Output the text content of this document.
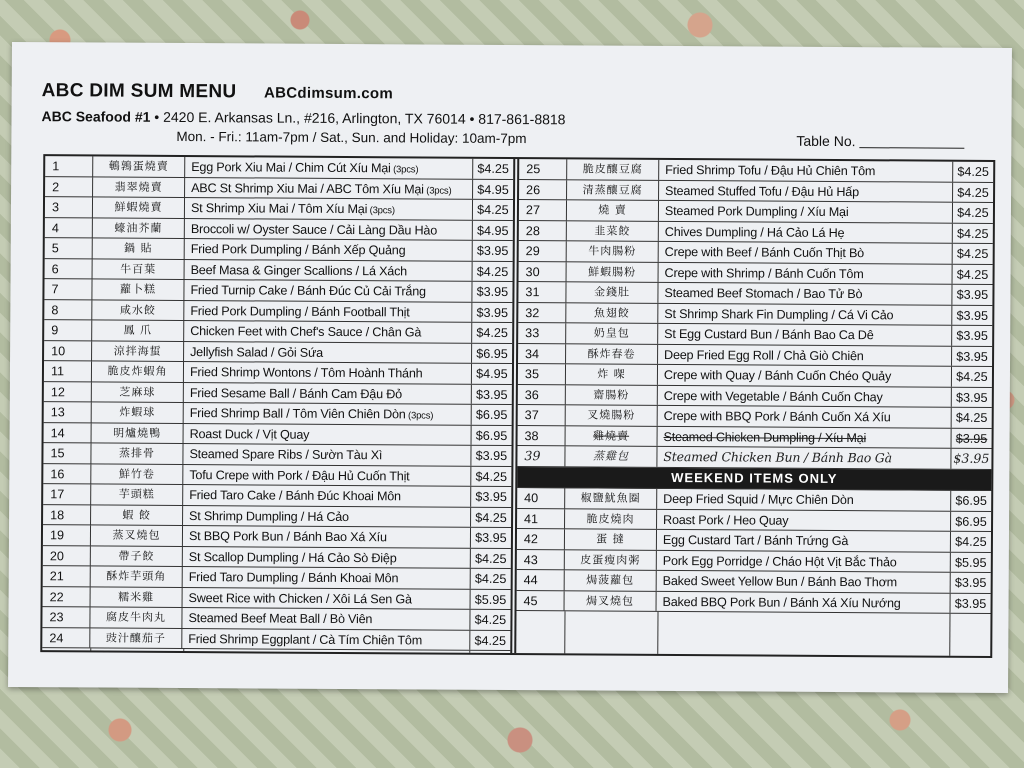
ABC DIM SUM MENU ABCdimsum.com
ABC Seafood #1 • 2420 E. Arkansas Ln., #216, Arlington, TX 76014 • 817-861-8818
Mon. - Fri.: 11am-7pm / Sat., Sun. and Holiday: 10am-7pm	Table No.
1	鵪鶉蛋燒賣	Egg Pork Xiu Mai / Chim Cút Xíu Mại (3pcs)	$4.25
2	翡翠燒賣	ABC St Shrimp Xiu Mai / ABC Tôm Xíu Mại (3pcs)	$4.95
3	鮮蝦燒賣	St Shrimp Xiu Mai / Tôm Xíu Mại (3pcs)	$4.25
4	蠔油芥蘭	Broccoli w/ Oyster Sauce / Cải Làng Dầu Hào	$4.95
5	鍋 貼	Fried Pork Dumpling / Bánh Xếp Quảng	$3.95
6	牛百葉	Beef Masa & Ginger Scallions / Lá Xách	$4.25
7	蘿卜糕	Fried Turnip Cake / Bánh Đúc Củ Cải Trắng	$3.95
8	咸水餃	Fried Pork Dumpling / Bánh Football Thịt	$3.95
9	鳳 爪	Chicken Feet with Chef's Sauce / Chân Gà	$4.25
10	涼拌海蜇	Jellyfish Salad / Gỏi Sứa	$6.95
11	脆皮炸蝦角	Fried Shrimp Wontons / Tôm Hoành Thánh	$4.95
12	芝麻球	Fried Sesame Ball / Bánh Cam Đậu Đỏ	$3.95
13	炸蝦球	Fried Shrimp Ball / Tôm Viên Chiên Dòn (3pcs)	$6.95
14	明爐燒鴨	Roast Duck / Vịt Quay	$6.95
15	蒸排骨	Steamed Spare Ribs / Sườn Tàu Xì	$3.95
16	鮮竹卷	Tofu Crepe with Pork / Đậu Hủ Cuốn Thịt	$4.25
17	芋頭糕	Fried Taro Cake / Bánh Đúc Khoai Môn	$3.95
18	蝦 餃	St Shrimp Dumpling / Há Cảo	$4.25
19	蒸叉燒包	St BBQ Pork Bun / Bánh Bao Xá Xíu	$3.95
20	帶子餃	St Scallop Dumpling / Há Cảo Sò Điệp	$4.25
21	酥炸芋頭角	Fried Taro Dumpling / Bánh Khoai Môn	$4.25
22	糯米雞	Sweet Rice with Chicken / Xôi Lá Sen Gà	$5.95
23	腐皮牛肉丸	Steamed Beef Meat Ball / Bò Viên	$4.25
24	豉汁釀茄子	Fried Shrimp Eggplant / Cà Tím Chiên Tôm	$4.25
25	脆皮釀豆腐	Fried Shrimp Tofu / Đậu Hủ Chiên Tôm	$4.25
26	清蒸釀豆腐	Steamed Stuffed Tofu / Đậu Hủ Hấp	$4.25
27	燒 賣	Steamed Pork Dumpling / Xíu Mại	$4.25
28	韭菜餃	Chives Dumpling / Há Cảo Lá Hẹ	$4.25
29	牛肉腸粉	Crepe with Beef / Bánh Cuốn Thịt Bò	$4.25
30	鮮蝦腸粉	Crepe with Shrimp / Bánh Cuốn Tôm	$4.25
31	金錢肚	Steamed Beef Stomach / Bao Tử Bò	$3.95
32	魚翅餃	St Shrimp Shark Fin Dumpling / Cá Vi Cảo	$3.95
33	奶皇包	St Egg Custard Bun / Bánh Bao Ca Dê	$3.95
34	酥炸春卷	Deep Fried Egg Roll / Chả Giò Chiên	$3.95
35	炸 㗎	Crepe with Quay / Bánh Cuốn Chéo Quảy	$4.25
36	齋腸粉	Crepe with Vegetable / Bánh Cuốn Chay	$3.95
37	叉燒腸粉	Crepe with BBQ Pork / Bánh Cuốn Xá Xíu	$4.25
38	雞燒賣	Steamed Chicken Dumpling / Xíu Mại	$3.95
39	蒸雞包	Steamed Chicken Bun / Bánh Bao Gà	$3.95
WEEKEND ITEMS ONLY
40	椒鹽魷魚圈	Deep Fried Squid / Mực Chiên Dòn	$6.95
41	脆皮燒肉	Roast Pork / Heo Quay	$6.95
42	蛋 撻	Egg Custard Tart / Bánh Trứng Gà	$4.25
43	皮蛋瘦肉粥	Pork Egg Porridge / Cháo Hột Vịt Bắc Thảo	$5.95
44	焗菠蘿包	Baked Sweet Yellow Bun / Bánh Bao Thơm	$3.95
45	焗叉燒包	Baked BBQ Pork Bun / Bánh Xá Xíu Nướng	$3.95
